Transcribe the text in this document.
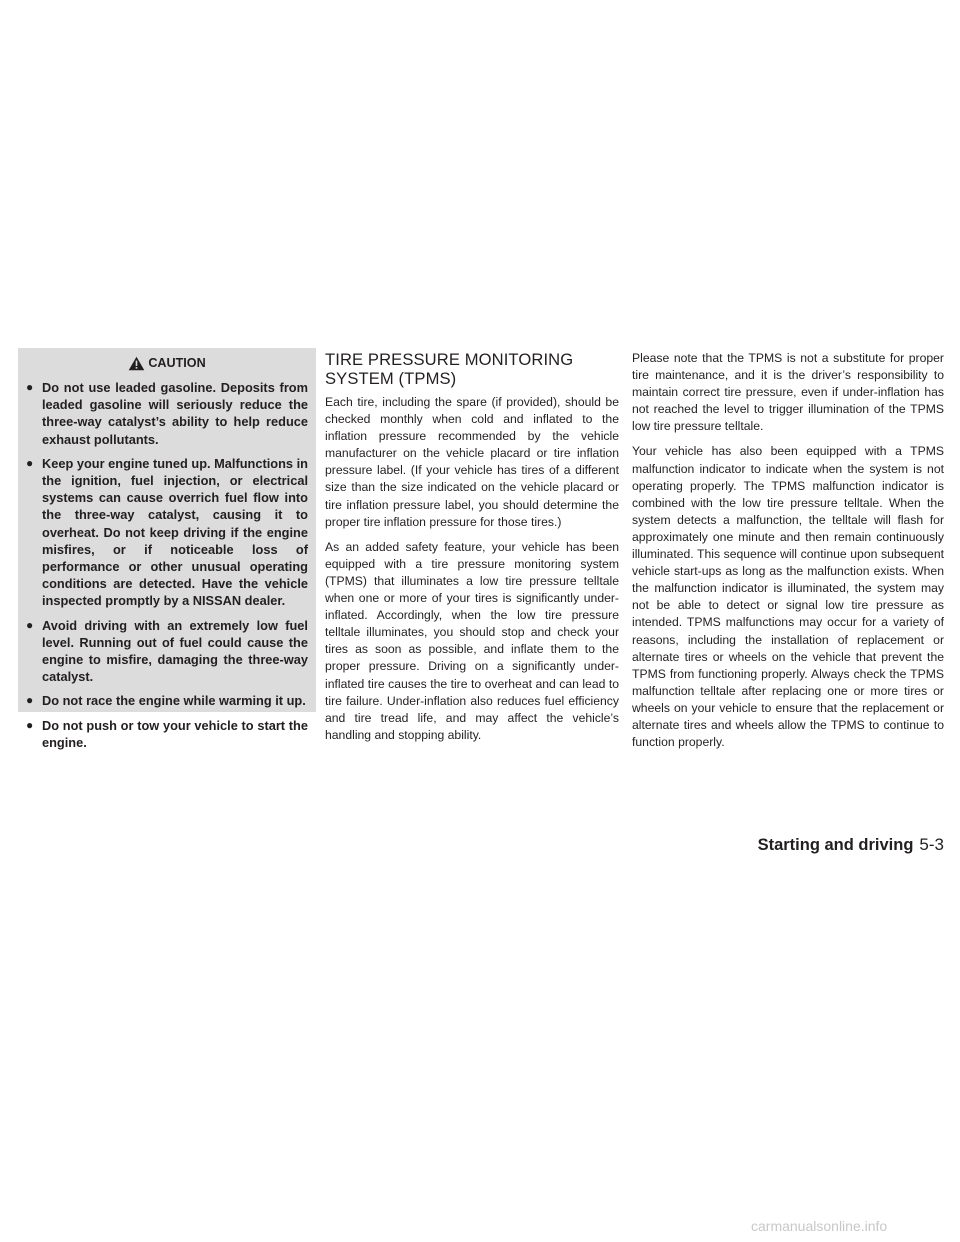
CAUTION
● Do not use leaded gasoline. Deposits from leaded gasoline will seriously reduce the three-way catalyst’s ability to help reduce exhaust pollutants.
● Keep your engine tuned up. Malfunctions in the ignition, fuel injection, or electrical systems can cause overrich fuel flow into the three-way catalyst, causing it to overheat. Do not keep driving if the engine misfires, or if noticeable loss of performance or other unusual operating conditions are detected. Have the vehicle inspected promptly by a NISSAN dealer.
● Avoid driving with an extremely low fuel level. Running out of fuel could cause the engine to misfire, damaging the three-way catalyst.
● Do not race the engine while warming it up.
● Do not push or tow your vehicle to start the engine.
TIRE PRESSURE MONITORING
SYSTEM (TPMS)

Each tire, including the spare (if provided), should be checked monthly when cold and inflated to the inflation pressure recommended by the vehicle manufacturer on the vehicle placard or tire inflation pressure label. (If your vehicle has tires of a different size than the size indicated on the vehicle placard or tire inflation pressure label, you should determine the proper tire inflation pressure for those tires.)

As an added safety feature, your vehicle has been equipped with a tire pressure monitoring system (TPMS) that illuminates a low tire pressure telltale when one or more of your tires is significantly under-inflated. Accordingly, when the low tire pressure telltale illuminates, you should stop and check your tires as soon as possible, and inflate them to the proper pressure. Driving on a significantly under-inflated tire causes the tire to overheat and can lead to tire failure. Under-inflation also reduces fuel efficiency and tire tread life, and may affect the vehicle’s handling and stopping ability.

Please note that the TPMS is not a substitute for proper tire maintenance, and it is the driver’s responsibility to maintain correct tire pressure, even if under-inflation has not reached the level to trigger illumination of the TPMS low tire pressure telltale.

Your vehicle has also been equipped with a TPMS malfunction indicator to indicate when the system is not operating properly. The TPMS malfunction indicator is combined with the low tire pressure telltale. When the system detects a malfunction, the telltale will flash for approximately one minute and then remain continuously illuminated. This sequence will continue upon subsequent vehicle start-ups as long as the malfunction exists. When the malfunction indicator is illuminated, the system may not be able to detect or signal low tire pressure as intended. TPMS malfunctions may occur for a variety of reasons, including the installation of replacement or alternate tires or wheels on the vehicle that prevent the TPMS from functioning properly. Always check the TPMS malfunction telltale after replacing one or more tires or wheels on your vehicle to ensure that the replacement or alternate tires and wheels allow the TPMS to continue to function properly.

Starting and driving 5-3
carmanualsonline.info
